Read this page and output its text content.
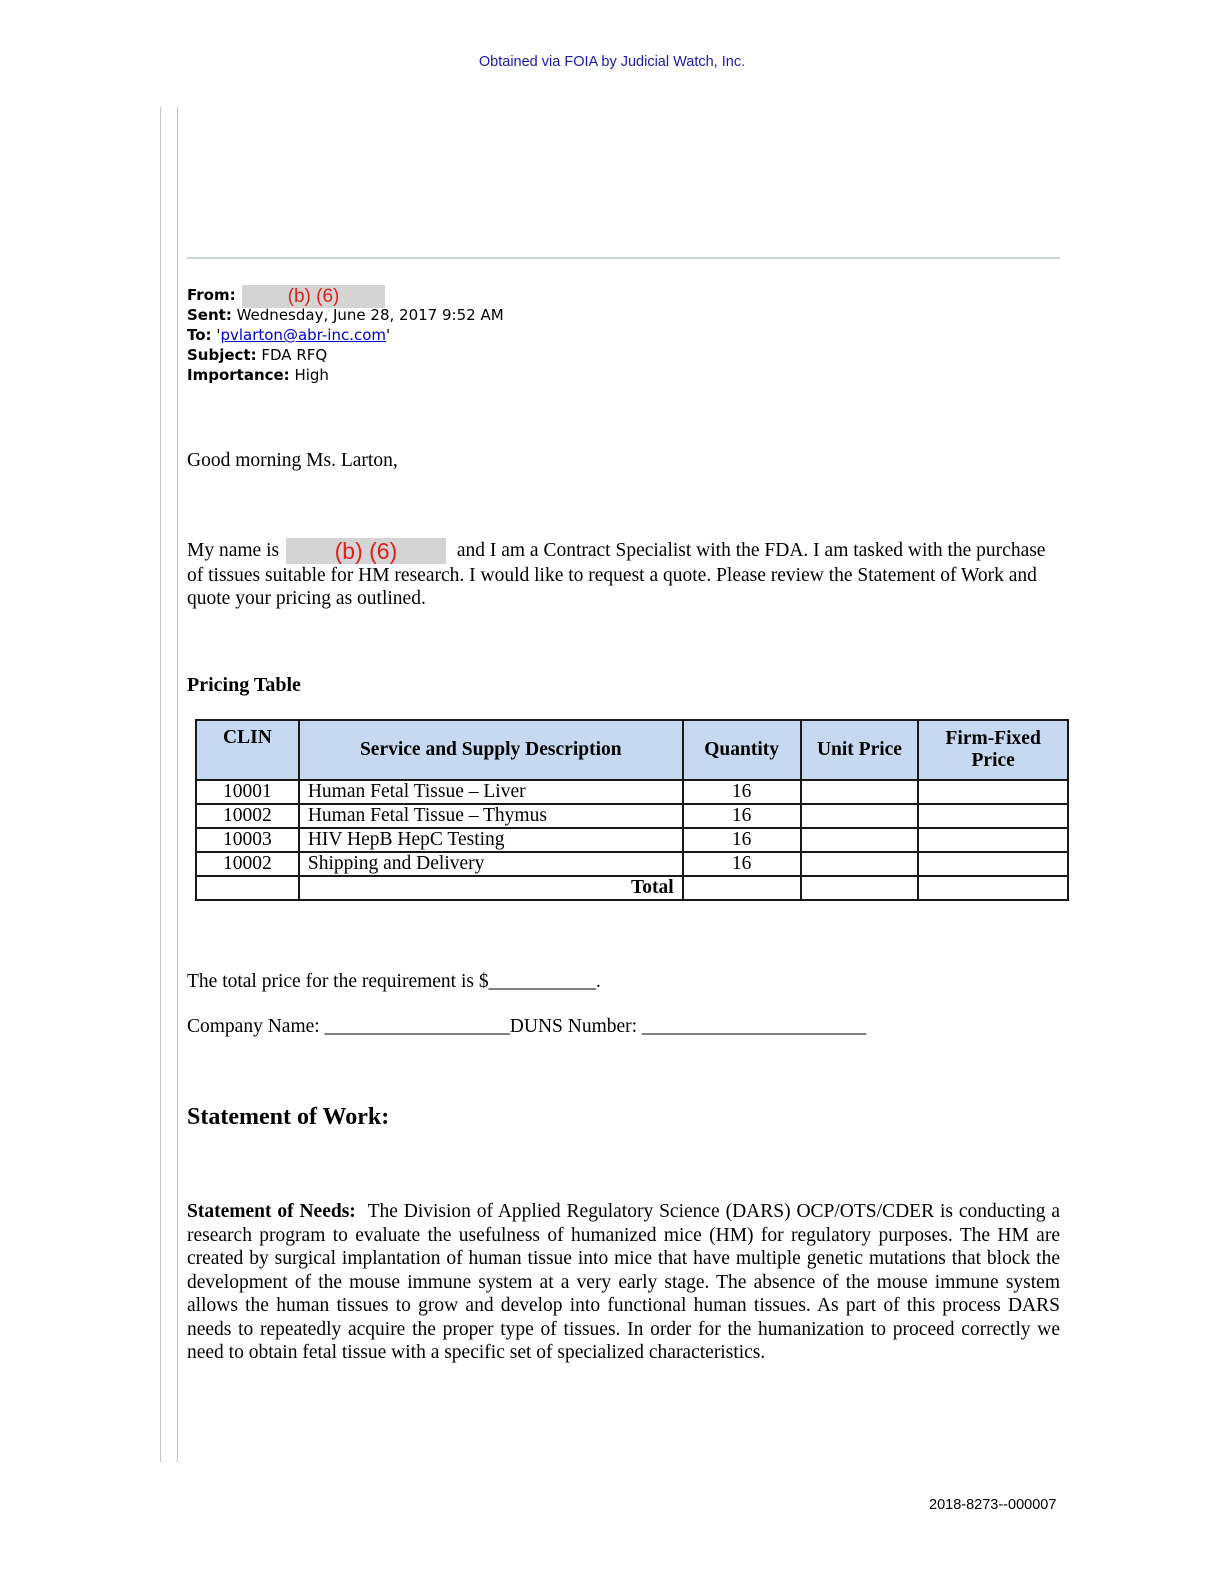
Obtained via FOIA by Judicial Watch, Inc.
From:	(b) (6)
Sent: Wednesday, June 28, 2017 9:52 AM
To: 'pvlarton@abr-inc.com'
Subject: FDA RFQ
Importance: High
Good morning Ms. Larton,
My name is (b) (6)	and I am a Contract Specialist with the FDA. I am tasked with the purchase of tissues suitable for HM research. I would like to request a quote. Please review the Statement of Work and quote your pricing as outlined.
Pricing Table
CLIN	Service and Supply Description	Quantity	Unit Price	Firm-Fixed Price
10001	Human Fetal Tissue – Liver	16		
10002	Human Fetal Tissue – Thymus	16		
10003	HIV HepB HepC Testing	16		
10002	Shipping and Delivery	16		
	Total			
The total price for the requirement is $___________.
Company Name: ___________________DUNS Number: _______________________
Statement of Work:
Statement of Needs: The Division of Applied Regulatory Science (DARS) OCP/OTS/CDER is conducting a research program to evaluate the usefulness of humanized mice (HM) for regulatory purposes. The HM are created by surgical implantation of human tissue into mice that have multiple genetic mutations that block the development of the mouse immune system at a very early stage. The absence of the mouse immune system allows the human tissues to grow and develop into functional human tissues. As part of this process DARS needs to repeatedly acquire the proper type of tissues. In order for the humanization to proceed correctly we need to obtain fetal tissue with a specific set of specialized characteristics.
2018-8273--000007
